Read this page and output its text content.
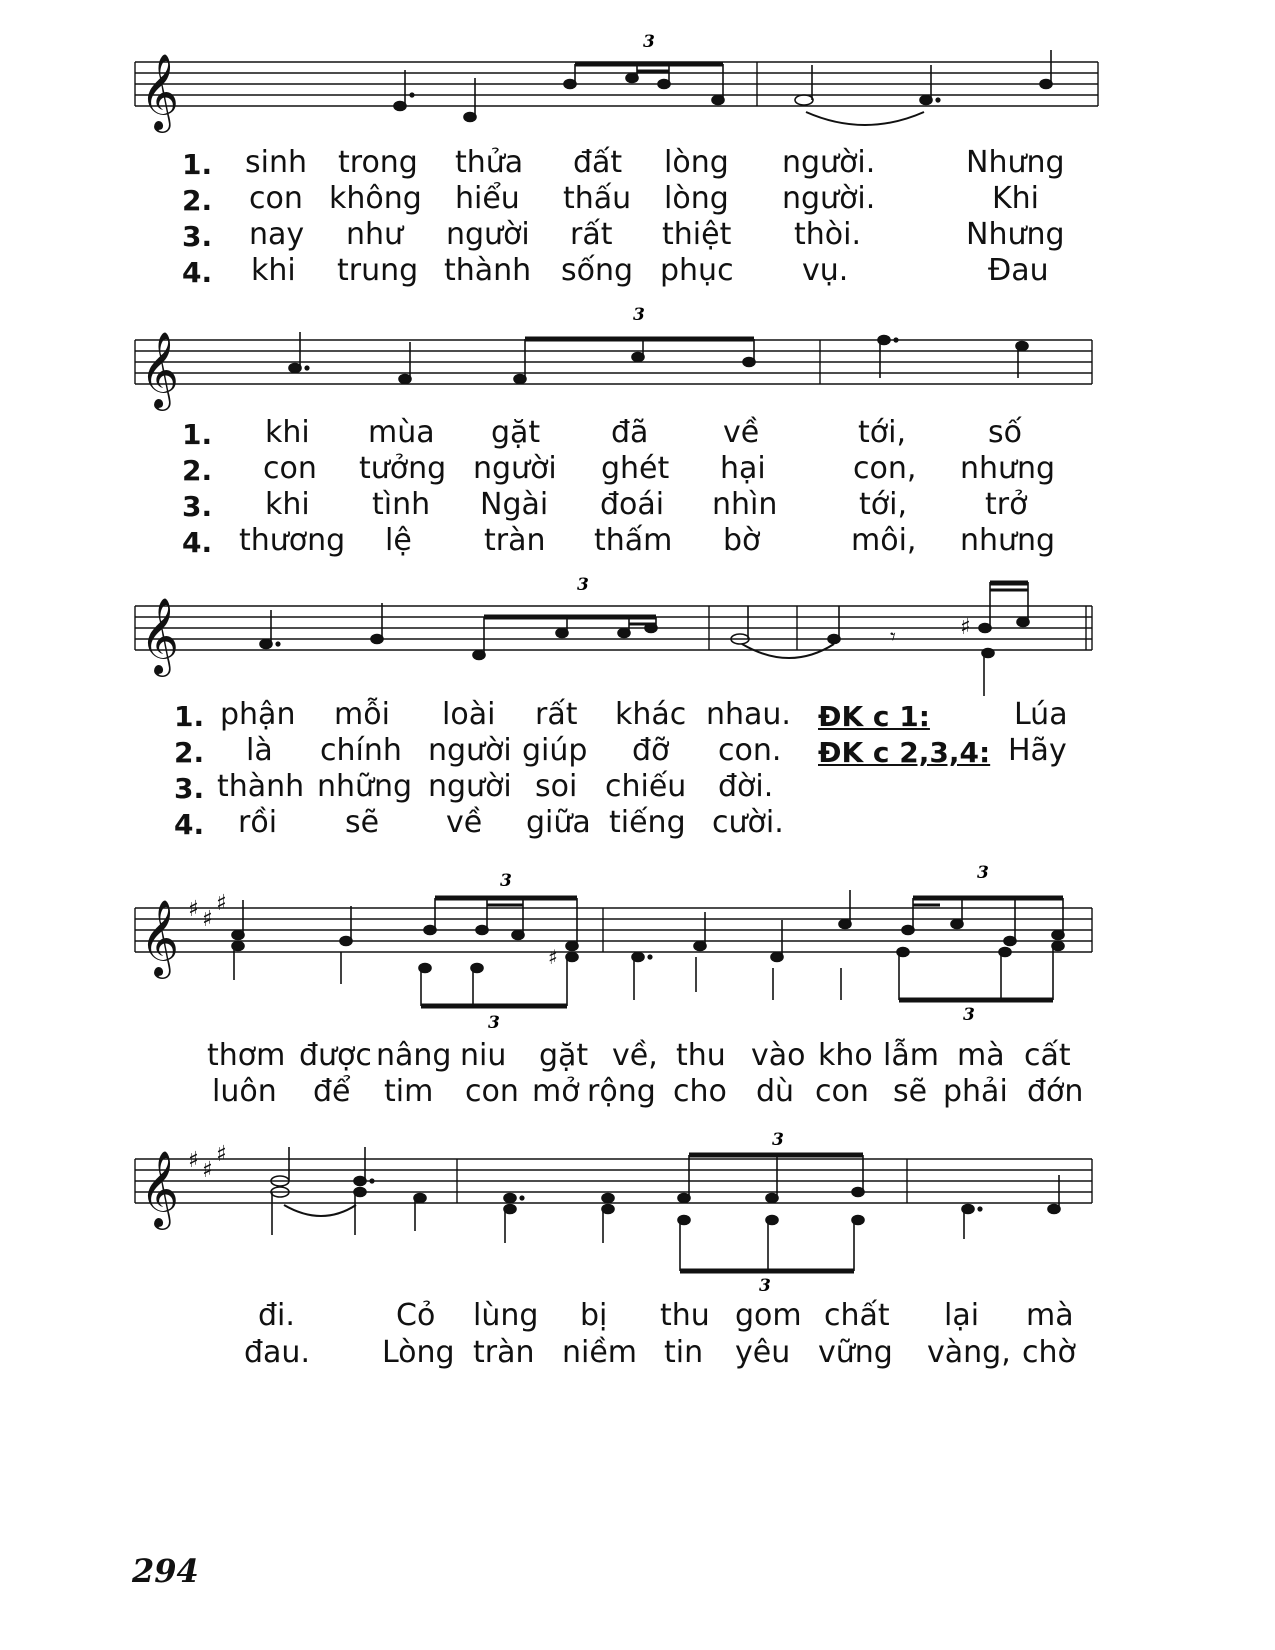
𝄞
3
𝄞
3
𝄞	♯
𝄾
3
𝄞 ♯ ♯
♯
♯
3
3
3
3
𝄞 ♯ ♯
♯
3
3
1. sinh trong thửa đất lòng người.	Nhưng
2. con không hiểu thấu lòng người.	Khi
3. nay như người rất thiệt thòi.	Nhưng
4. khi trung thành sống phục vụ.	Đau
1. khi mùa gặt đã về	tới,	số
2. con tưởng người ghét hại	con, nhưng
3. khi tình Ngài đoái nhìn	tới,	trở
4. thương lệ tràn thấm bờ	môi, nhưng
1. phận mỗi loài rất khác nhau.
2. là chính người giúp đỡ con.
3. thành những người soi chiếu đời.
4. rồi sẽ về giữa tiếng cười.
ĐK c 1:	Lúa
ĐK c 2,3,4: Hãy
thơm được nâng niu gặt về, thu vào kho lẫm mà cất
luôn để tim con mở rộng cho dù con sẽ phải đớn
đi.	Cỏ lùng bị thu gom chất lại mà
đau. Lòng tràn niềm tin yêu vững vàng, chờ
294
